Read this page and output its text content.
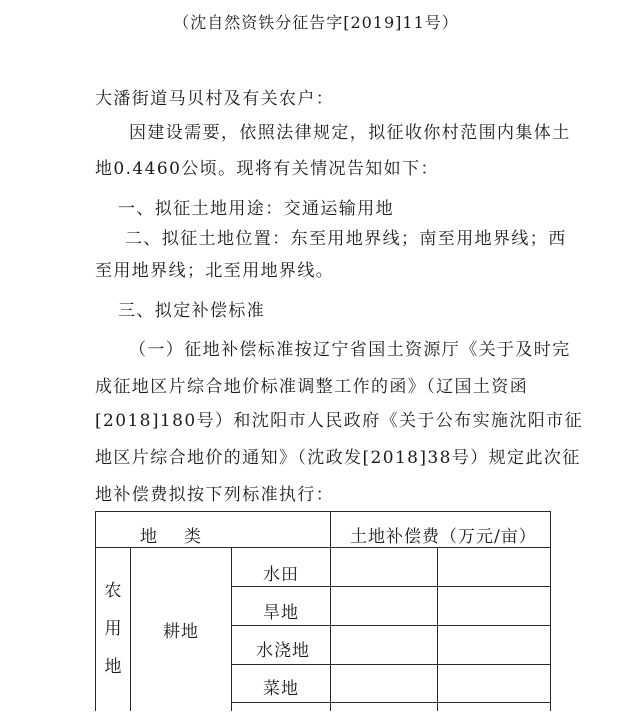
（沈自然资铁分征告字[2019]11号）
大潘街道马贝村及有关农户：
因建设需要，依照法律规定，拟征收你村范围内集体土
地0.4460公顷。现将有关情况告知如下：
一、拟征土地用途：交通运输用地
二、拟征土地位置：东至用地界线；南至用地界线；西
至用地界线；北至用地界线。
三、拟定补偿标准
（一）征地补偿标准按辽宁省国土资源厅《关于及时完
成征地区片综合地价标准调整工作的函》（辽国土资函
[2018]180号）和沈阳市人民政府《关于公布实施沈阳市征
地区片综合地价的通知》（沈政发[2018]38号）规定此次征
地补偿费拟按下列标准执行：
地 类	土地补偿费（万元/亩）
农
用
地
耕地
水田
旱地
水浇地
菜地
